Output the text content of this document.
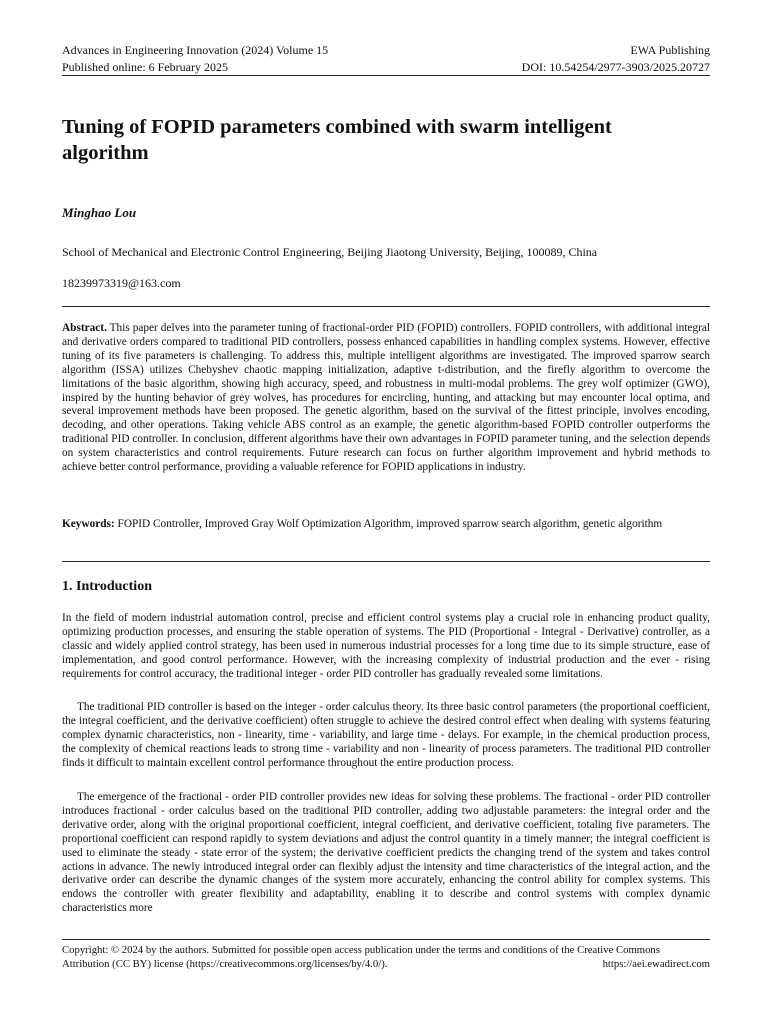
Advances in Engineering Innovation (2024) Volume 15	EWA Publishing
Published online: 6 February 2025	DOI: 10.54254/2977-3903/2025.20727
Tuning of FOPID parameters combined with swarm intelligent algorithm
Minghao Lou
School of Mechanical and Electronic Control Engineering, Beijing Jiaotong University, Beijing, 100089, China
18239973319@163.com

Abstract. This paper delves into the parameter tuning of fractional-order PID (FOPID) controllers. FOPID controllers, with additional integral and derivative orders compared to traditional PID controllers, possess enhanced capabilities in handling complex systems. However, effective tuning of its five parameters is challenging. To address this, multiple intelligent algorithms are investigated. The improved sparrow search algorithm (ISSA) utilizes Chebyshev chaotic mapping initialization, adaptive t-distribution, and the firefly algorithm to overcome the limitations of the basic algorithm, showing high accuracy, speed, and robustness in multi-modal problems. The grey wolf optimizer (GWO), inspired by the hunting behavior of grey wolves, has procedures for encircling, hunting, and attacking but may encounter local optima, and several improvement methods have been proposed. The genetic algorithm, based on the survival of the fittest principle, involves encoding, decoding, and other operations. Taking vehicle ABS control as an example, the genetic algorithm-based FOPID controller outperforms the traditional PID controller. In conclusion, different algorithms have their own advantages in FOPID parameter tuning, and the selection depends on system characteristics and control requirements. Future research can focus on further algorithm improvement and hybrid methods to achieve better control performance, providing a valuable reference for FOPID applications in industry.

Keywords: FOPID Controller, Improved Gray Wolf Optimization Algorithm, improved sparrow search algorithm, genetic algorithm

1. Introduction

In the field of modern industrial automation control, precise and efficient control systems play a crucial role in enhancing product quality, optimizing production processes, and ensuring the stable operation of systems. The PID (Proportional - Integral - Derivative) controller, as a classic and widely applied control strategy, has been used in numerous industrial processes for a long time due to its simple structure, ease of implementation, and good control performance. However, with the increasing complexity of industrial production and the ever - rising requirements for control accuracy, the traditional integer - order PID controller has gradually revealed some limitations.

The traditional PID controller is based on the integer - order calculus theory. Its three basic control parameters (the proportional coefficient, the integral coefficient, and the derivative coefficient) often struggle to achieve the desired control effect when dealing with systems featuring complex dynamic characteristics, non - linearity, time - variability, and large time - delays. For example, in the chemical production process, the complexity of chemical reactions leads to strong time - variability and non - linearity of process parameters. The traditional PID controller finds it difficult to maintain excellent control performance throughout the entire production process.

The emergence of the fractional - order PID controller provides new ideas for solving these problems. The fractional - order PID controller introduces fractional - order calculus based on the traditional PID controller, adding two adjustable parameters: the integral order and the derivative order, along with the original proportional coefficient, integral coefficient, and derivative coefficient, totaling five parameters. The proportional coefficient can respond rapidly to system deviations and adjust the control quantity in a timely manner; the integral coefficient is used to eliminate the steady - state error of the system; the derivative coefficient predicts the changing trend of the system and takes control actions in advance. The newly introduced integral order can flexibly adjust the intensity and time characteristics of the integral action, and the derivative order can describe the dynamic changes of the system more accurately, enhancing the control ability for complex systems. This endows the controller with greater flexibility and adaptability, enabling it to describe and control systems with complex dynamic characteristics more

Copyright: © 2024 by the authors. Submitted for possible open access publication under the terms and conditions of the Creative Commons
Attribution (CC BY) license (https://creativecommons.org/licenses/by/4.0/).	https://aei.ewadirect.com
